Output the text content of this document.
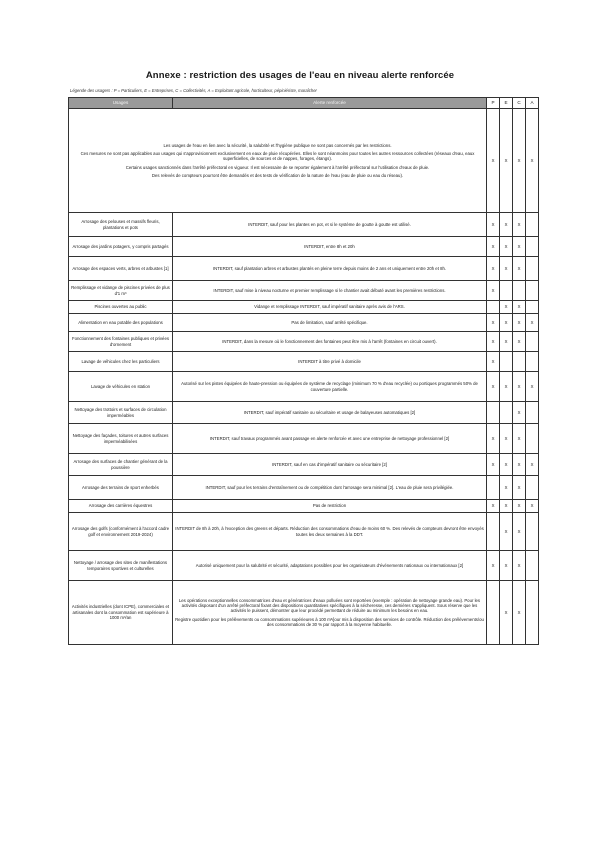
Annexe : restriction des usages de l'eau en niveau alerte renforcée
Légende des usagers : P = Particuliers, E = Entreprises, C = Collectivités, A = Exploitant agricole, horticulteur, pépiniériste, maraîcher
Usages	Alerte renforcée	P	E	C	A

Les usages de l'eau en lien avec la sécurité, la salubrité et l'hygiène publique ne sont pas concernés par les restrictions.

Ces mesures ne sont pas applicables aux usages qui s'approvisionnent exclusivement en eaux de pluie récupérées. Elles le sont néanmoins pour toutes les autres ressources collectées (réseaux d'eau, eaux superficielles, de sources et de nappes, forages, étangs).

Certains usages sanctionnés dans l'arrêté préfectoral en vigueur. Il est nécessaire de se reporter également à l'arrêté préfectoral sur l'utilisation d'eaux de pluie.

Des relevés de compteurs pourront être demandés et des tests de vérification de la nature de l'eau (eau de pluie ou eau du réseau).		X	X	X	X
Arrosage des pelouses et massifs fleuris, plantations et pots	INTERDIT, sauf pour les plantes en pot, et si le système de goutte à goutte est utilisé.	X	X	X	
Arrosage des jardins potagers, y compris partagés	INTERDIT, entre 8h et 20h	X	X	X	
Arrosage des espaces verts, arbres et arbustes [1]	INTERDIT, sauf plantation arbres et arbustes plantés en pleine terre depuis moins de 2 ans et uniquement entre 20h et 8h.	X	X	X	
Remplissage et vidange de piscines privées de plus d'1 m³	INTERDIT, sauf mise à niveau nocturne et premier remplissage si le chantier avait débuté avant les premières restrictions.	X			
Piscines ouvertes au public	Vidange et remplissage INTERDIT, sauf impératif sanitaire après avis de l'ARS.		X	X	
Alimentation en eau potable des populations	Pas de limitation, sauf arrêté spécifique.	X	X	X	X
Fonctionnement des fontaines publiques et privées d'ornement	INTERDIT, dans la mesure où le fonctionnement des fontaines peut être mis à l'arrêt (fontaines en circuit ouvert).	X	X	X	
Lavage de véhicules chez les particuliers	INTERDIT à titre privé à domicile	X			
Lavage de véhicules en station	Autorisé sur les pistes équipées de haute-pression ou équipées de système de recyclage (minimum 70 % d'eau recyclée) ou portiques programmés 50% de couverture partielle.	X	X	X	X
Nettoyage des trottoirs et surfaces de circulation imperméables	INTERDIT, sauf impératif sanitaire ou sécuritaire et usage de balayeuses automatiques [2]			X	
Nettoyage des façades, toitures et autres surfaces imperméabilisées	INTERDIT, sauf travaux programmés avant passage en alerte renforcée et avec une entreprise de nettoyage professionnel [2]	X	X	X	
Arrosage des surfaces de chantier générant de la poussière	INTERDIT, sauf en cas d'impératif sanitaire ou sécuritaire [2]	X	X	X	X
Arrosage des terrains de sport enherbés	INTERDIT, sauf pour les terrains d'entraînement ou de compétition dont l'arrosage sera minimal [2]. L'eau de pluie sera privilégiée.		X	X	
Arrosage des carrières équestres	Pas de restriction	X	X	X	X
Arrosage des golfs (conformément à l'accord cadre golf et environnement 2019-2024)	INTERDIT de 8h à 20h, à l'exception des greens et départs. Réduction des consommations d'eau de moins 60 %. Des relevés de compteurs devront être envoyés toutes les deux semaines à la DDT.		X	X	
Nettoyage / arrosage des sites de manifestations temporaires sportives et culturelles	Autorisé uniquement pour la salubrité et sécurité, adaptations possibles pour les organisateurs d'événements nationaux ou internationaux [2]	X	X	X	
Activités industrielles (dont ICPE), commerciales et artisanales dont la consommation est supérieure à 1000 m³/an	Les opérations exceptionnelles consommatrices d'eau et génératrices d'eaux polluées sont reportées (exemple : opération de nettoyage grande eau). Pour les activités disposant d'un arrêté préfectoral fixant des dispositions quantitatives spécifiques à la sécheresse, ces dernières s'appliquent. Sous réserve que les activités le puissent, démontrer que leur procédé permettant de réduire au minimum les besoins en eau.

Registre quotidien pour les prélèvements ou consommations supérieures à 100 m³/jour mis à disposition des services de contrôle. Réduction des prélèvements/ou des consommations de 30 % par rapport à la moyenne habituelle.		X	X	
